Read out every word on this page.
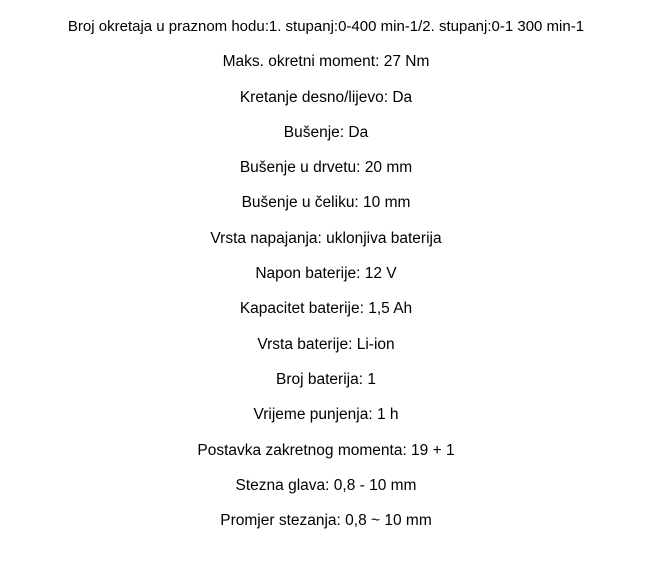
Broj okretaja u praznom hodu:1. stupanj:0-400 min-1/2. stupanj:0-1 300 min-1
Maks. okretni moment: 27 Nm
Kretanje desno/lijevo: Da
Bušenje: Da
Bušenje u drvetu: 20 mm
Bušenje u čeliku: 10 mm
Vrsta napajanja: uklonjiva baterija
Napon baterije: 12 V
Kapacitet baterije: 1,5 Ah
Vrsta baterije: Li-ion
Broj baterija: 1
Vrijeme punjenja: 1 h
Postavka zakretnog momenta: 19 + 1
Stezna glava: 0,8 - 10 mm
Promjer stezanja: 0,8 ~ 10 mm
